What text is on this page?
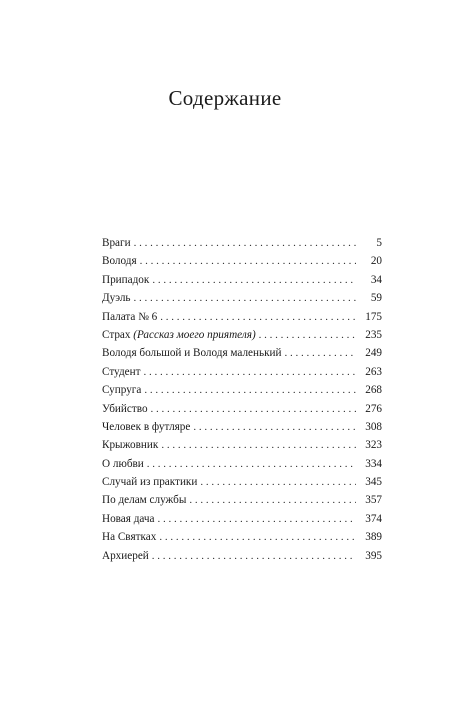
Содержание
Враги . . .	5
Володя . . .	20
Припадок . . .	34
Дуэль . . .	59
Палата № 6 . . .	175
Страх (Рассказ моего приятеля) . . .	235
Володя большой и Володя маленький . . .	249
Студент . . .	263
Супруга . . .	268
Убийство . . .	276
Человек в футляре . . .	308
Крыжовник . . .	323
О любви . . .	334
Случай из практики . . .	345
По делам службы . . .	357
Новая дача . . .	374
На Святках . . .	389
Архиерей . . .	395
